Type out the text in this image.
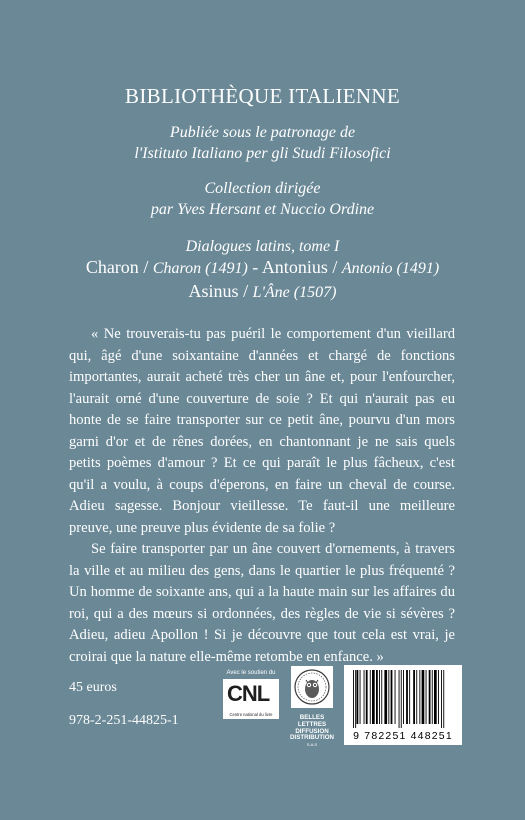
BIBLIOTHÈQUE ITALIENNE
Publiée sous le patronage de
l'Istituto Italiano per gli Studi Filosofici
Collection dirigée
par Yves Hersant et Nuccio Ordine
Dialogues latins, tome I
Charon / Charon (1491) - Antonius / Antonio (1491)
Asinus / L'Âne (1507)

« Ne trouverais-tu pas puéril le comportement d'un vieillard qui, âgé d'une soixantaine d'années et chargé de fonctions importantes, aurait acheté très cher un âne et, pour l'enfourcher, l'aurait orné d'une couverture de soie ? Et qui n'aurait pas eu honte de se faire transporter sur ce petit âne, pourvu d'un mors garni d'or et de rênes dorées, en chantonnant je ne sais quels petits poèmes d'amour ? Et ce qui paraît le plus fâcheux, c'est qu'il a voulu, à coups d'éperons, en faire un cheval de course. Adieu sagesse. Bonjour vieillesse. Te faut-il une meilleure preuve, une preuve plus évidente de sa folie ?

Se faire transporter par un âne couvert d'ornements, à travers la ville et au milieu des gens, dans le quartier le plus fréquenté ? Un homme de soixante ans, qui a la haute main sur les affaires du roi, qui a des mœurs si ordonnées, des règles de vie si sévères ? Adieu, adieu Apollon ! Si je découvre que tout cela est vrai, je croirai que la nature elle-même retombe en enfance. »

45 euros
978-2-251-44825-1
Avec le soutien du
CNL
Centre national du livre	BELLES LETTRES
DIFFUSION
DISTRIBUTION
S.A.S
9 782251 448251
